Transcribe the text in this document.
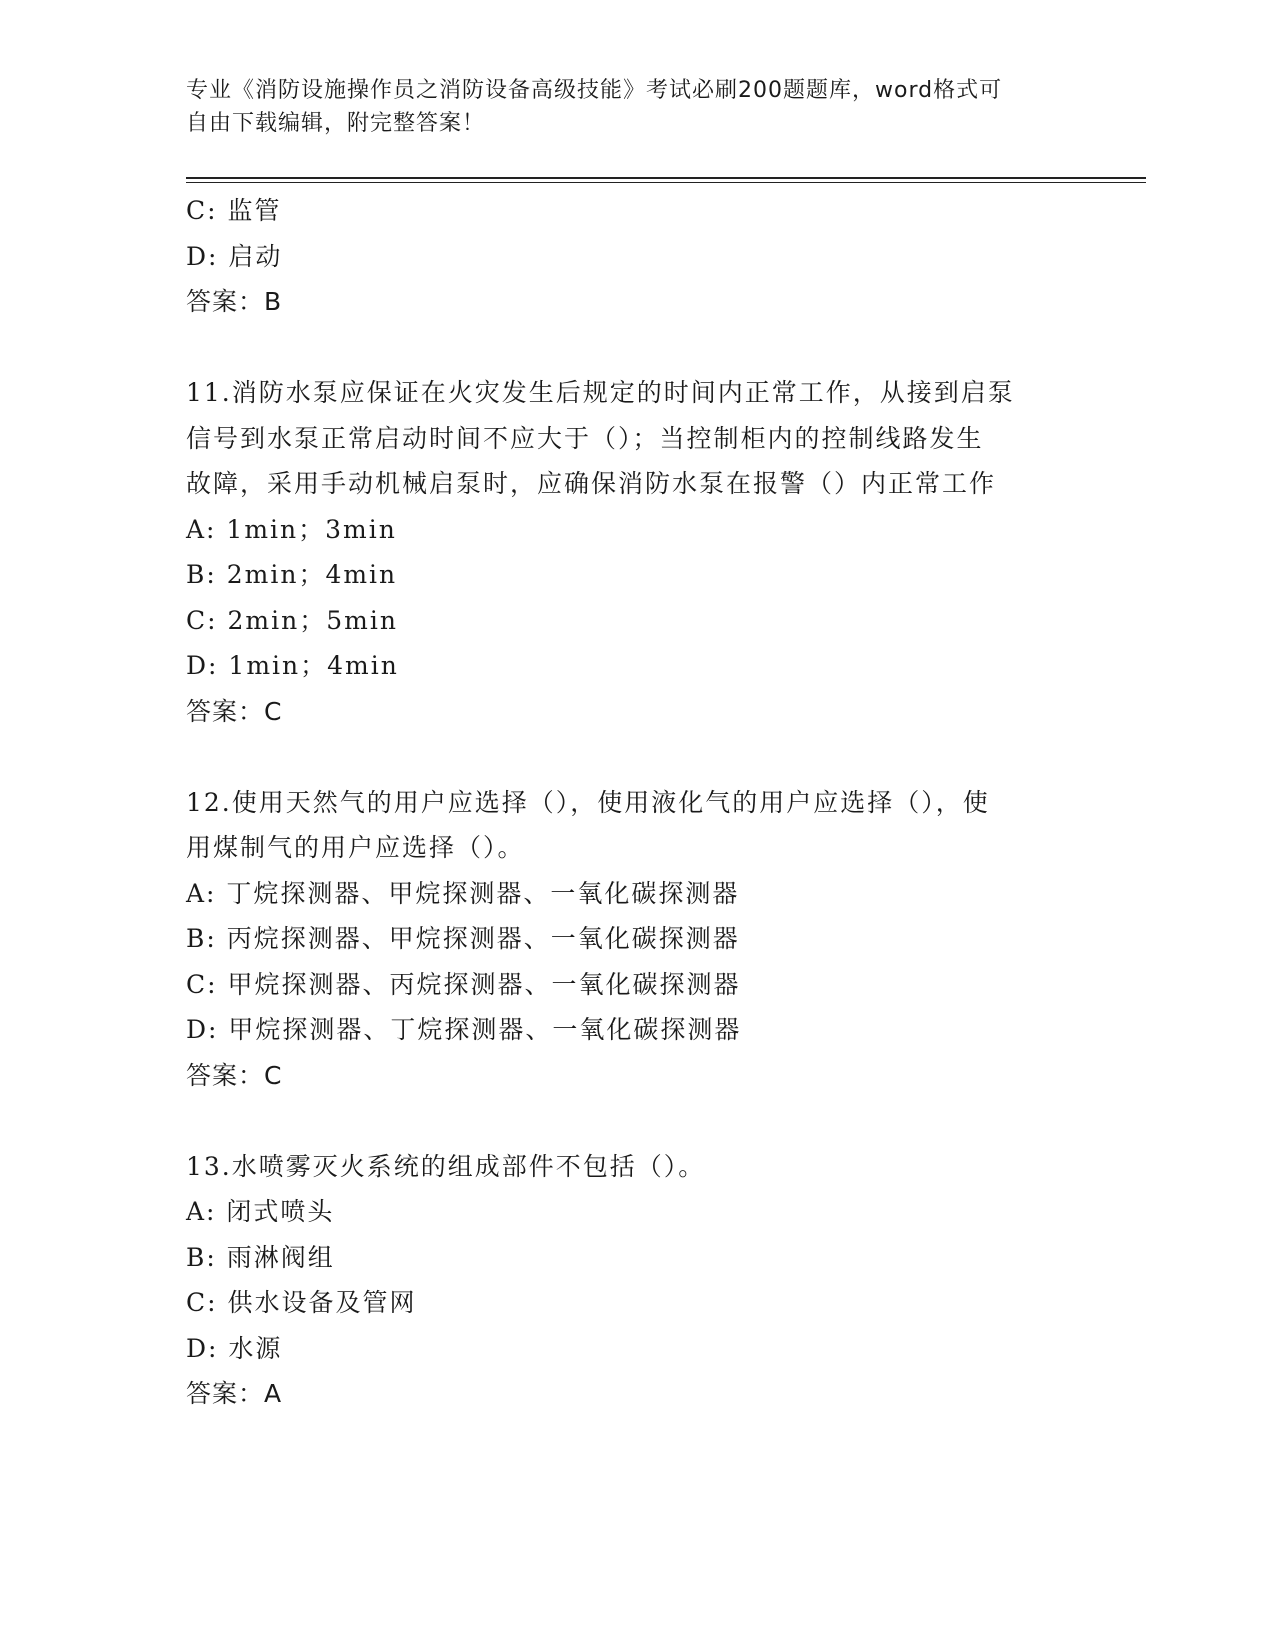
专业《消防设施操作员之消防设备高级技能》考试必刷200题题库，word格式可
自由下载编辑，附完整答案！
C: 监管
D: 启动
答案：B
11.消防水泵应保证在火灾发生后规定的时间内正常工作，从接到启泵
信号到水泵正常启动时间不应大于（）；当控制柜内的控制线路发生
故障，采用手动机械启泵时，应确保消防水泵在报警（）内正常工作
A: 1min；3min
B: 2min；4min
C: 2min；5min
D: 1min；4min
答案：C
12.使用天然气的用户应选择（），使用液化气的用户应选择（），使
用煤制气的用户应选择（）。
A: 丁烷探测器、甲烷探测器、一氧化碳探测器
B: 丙烷探测器、甲烷探测器、一氧化碳探测器
C: 甲烷探测器、丙烷探测器、一氧化碳探测器
D: 甲烷探测器、丁烷探测器、一氧化碳探测器
答案：C
13.水喷雾灭火系统的组成部件不包括（）。
A: 闭式喷头
B: 雨淋阀组
C: 供水设备及管网
D: 水源
答案：A
